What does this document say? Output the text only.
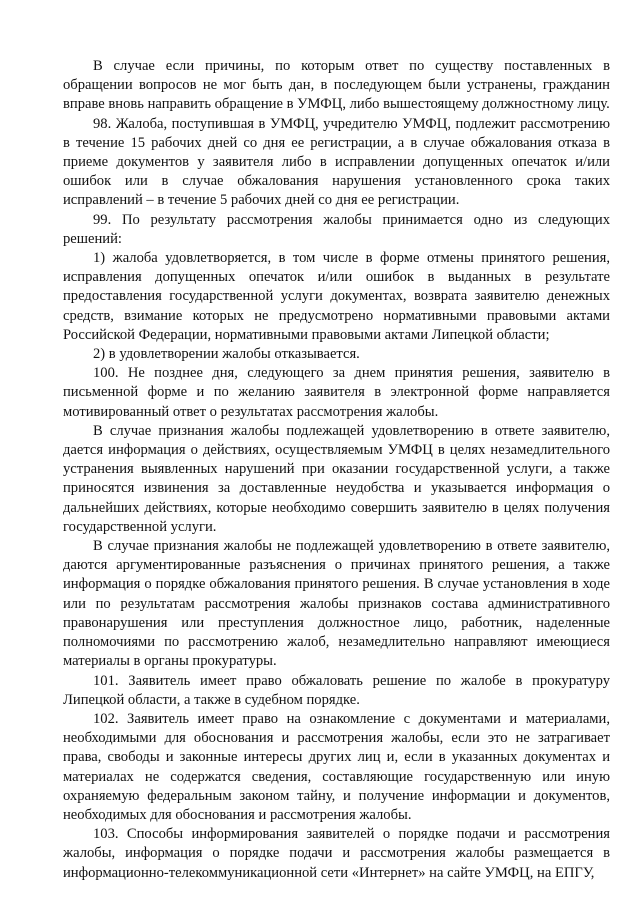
В случае если причины, по которым ответ по существу поставленных в обращении вопросов не мог быть дан, в последующем были устранены, гражданин вправе вновь направить обращение в УМФЦ, либо вышестоящему должностному лицу.

98. Жалоба, поступившая в УМФЦ, учредителю УМФЦ, подлежит рассмотрению в течение 15 рабочих дней со дня ее регистрации, а в случае обжалования отказа в приеме документов у заявителя либо в исправлении допущенных опечаток и/или ошибок или в случае обжалования нарушения установленного срока таких исправлений – в течение 5 рабочих дней со дня ее регистрации.

99. По результату рассмотрения жалобы принимается одно из следующих решений:

1) жалоба удовлетворяется, в том числе в форме отмены принятого решения, исправления допущенных опечаток и/или ошибок в выданных в результате предоставления государственной услуги документах, возврата заявителю денежных средств, взимание которых не предусмотрено нормативными правовыми актами Российской Федерации, нормативными правовыми актами Липецкой области;

2) в удовлетворении жалобы отказывается.

100. Не позднее дня, следующего за днем принятия решения, заявителю в письменной форме и по желанию заявителя в электронной форме направляется мотивированный ответ о результатах рассмотрения жалобы.

В случае признания жалобы подлежащей удовлетворению в ответе заявителю, дается информация о действиях, осуществляемым УМФЦ в целях незамедлительного устранения выявленных нарушений при оказании государственной услуги, а также приносятся извинения за доставленные неудобства и указывается информация о дальнейших действиях, которые необходимо совершить заявителю в целях получения государственной услуги.

В случае признания жалобы не подлежащей удовлетворению в ответе заявителю, даются аргументированные разъяснения о причинах принятого решения, а также информация о порядке обжалования принятого решения. В случае установления в ходе или по результатам рассмотрения жалобы признаков состава административного правонарушения или преступления должностное лицо, работник, наделенные полномочиями по рассмотрению жалоб, незамедлительно направляют имеющиеся материалы в органы прокуратуры.

101. Заявитель имеет право обжаловать решение по жалобе в прокуратуру Липецкой области, а также в судебном порядке.

102. Заявитель имеет право на ознакомление с документами и материалами, необходимыми для обоснования и рассмотрения жалобы, если это не затрагивает права, свободы и законные интересы других лиц и, если в указанных документах и материалах не содержатся сведения, составляющие государственную или иную охраняемую федеральным законом тайну, и получение информации и документов, необходимых для обоснования и рассмотрения жалобы.

103. Способы информирования заявителей о порядке подачи и рассмотрения жалобы, информация о порядке подачи и рассмотрения жалобы размещается в информационно-телекоммуникационной сети «Интернет» на сайте УМФЦ, на ЕПГУ,
